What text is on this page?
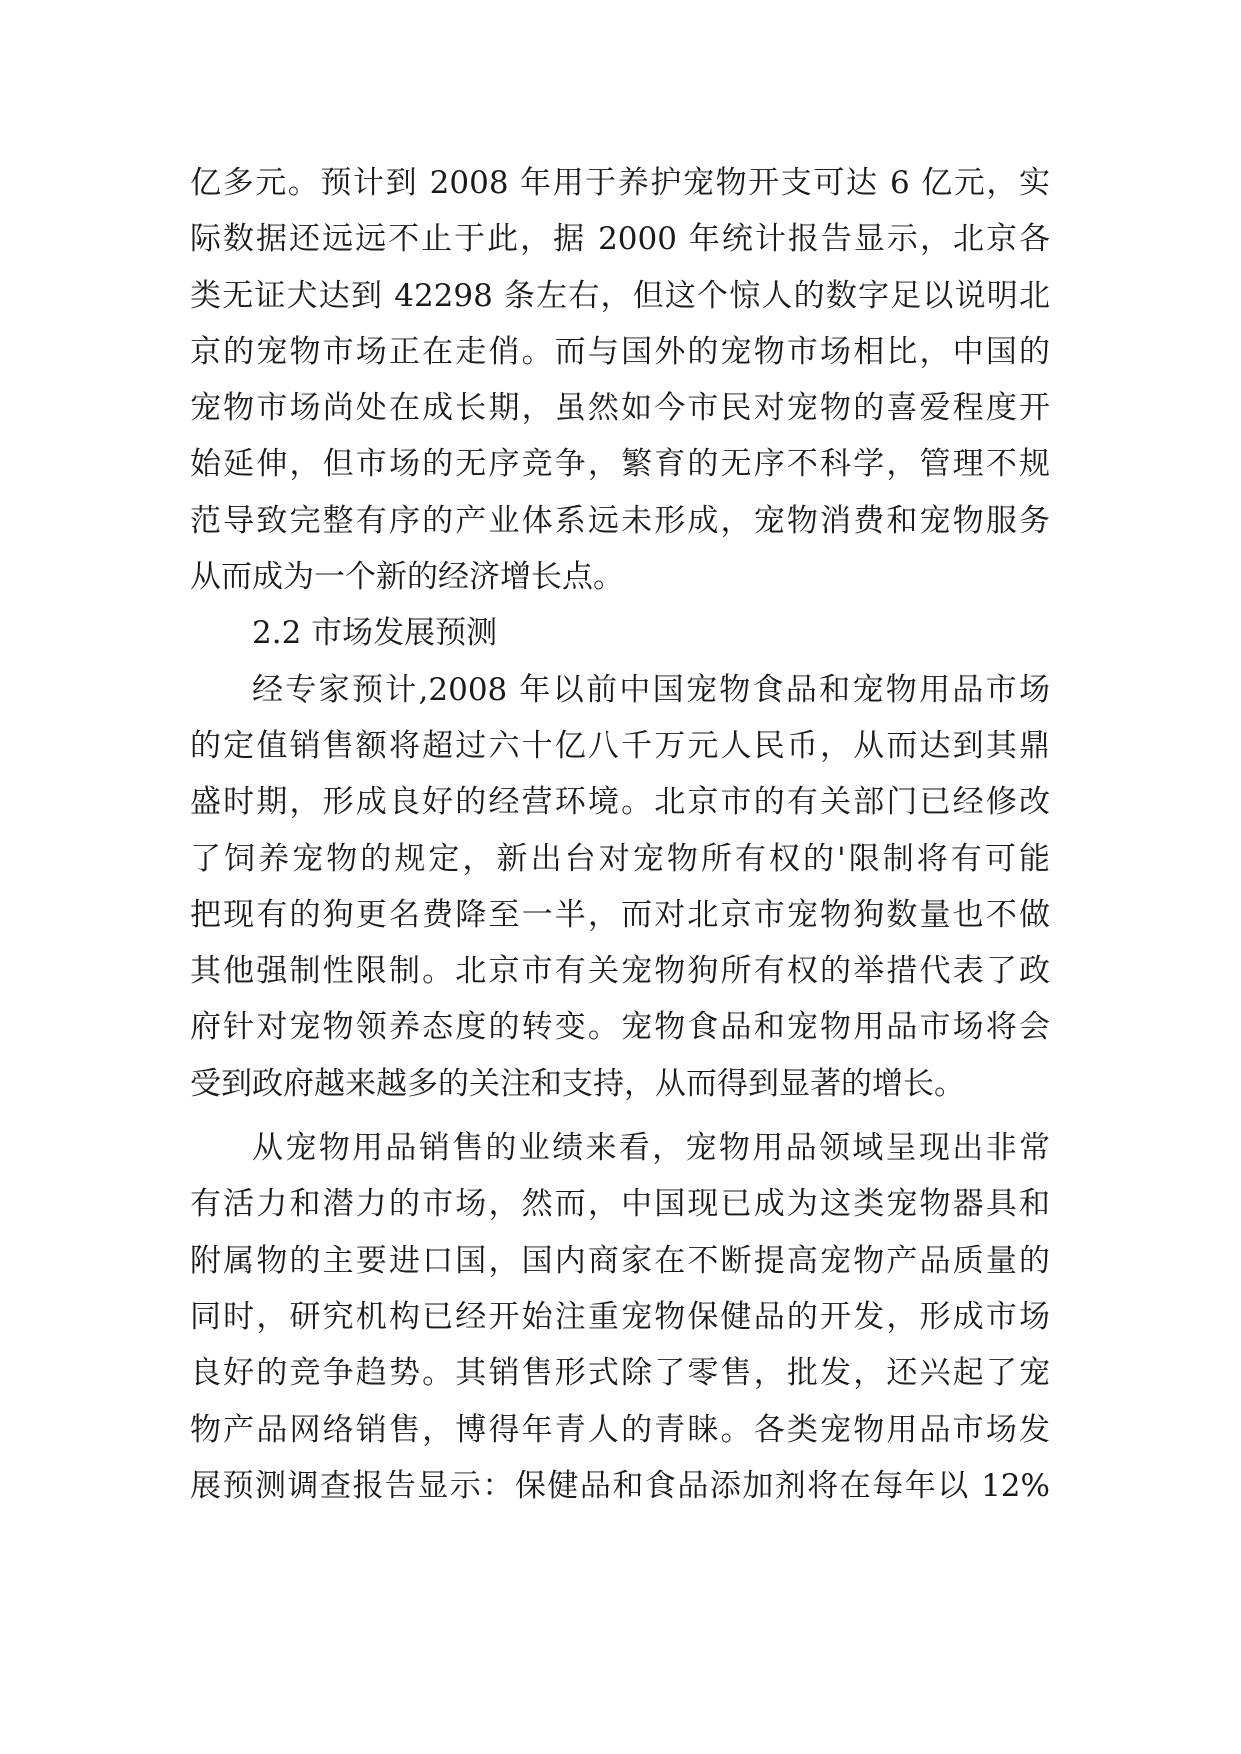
亿多元。预计到 2008 年用于养护宠物开支可达 6 亿元，实
际数据还远远不止于此，据 2000 年统计报告显示，北京各
类无证犬达到 42298 条左右，但这个惊人的数字足以说明北
京的宠物市场正在走俏。而与国外的宠物市场相比，中国的
宠物市场尚处在成长期，虽然如今市民对宠物的喜爱程度开
始延伸，但市场的无序竞争，繁育的无序不科学，管理不规
范导致完整有序的产业体系远未形成，宠物消费和宠物服务
从而成为一个新的经济增长点。
2.2 市场发展预测
经专家预计,2008 年以前中国宠物食品和宠物用品市场
的定值销售额将超过六十亿八千万元人民币，从而达到其鼎
盛时期，形成良好的经营环境。北京市的有关部门已经修改
了饲养宠物的规定，新出台对宠物所有权的'限制将有可能
把现有的狗更名费降至一半，而对北京市宠物狗数量也不做
其他强制性限制。北京市有关宠物狗所有权的举措代表了政
府针对宠物领养态度的转变。宠物食品和宠物用品市场将会
受到政府越来越多的关注和支持，从而得到显著的增长。
从宠物用品销售的业绩来看，宠物用品领域呈现出非常
有活力和潜力的市场，然而，中国现已成为这类宠物器具和
附属物的主要进口国，国内商家在不断提高宠物产品质量的
同时，研究机构已经开始注重宠物保健品的开发，形成市场
良好的竞争趋势。其销售形式除了零售，批发，还兴起了宠
物产品网络销售，博得年青人的青睐。各类宠物用品市场发
展预测调查报告显示：保健品和食品添加剂将在每年以 12%
